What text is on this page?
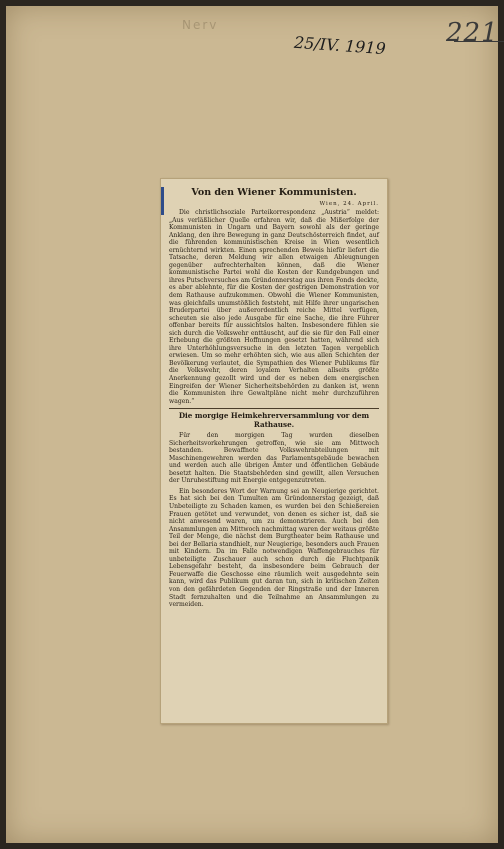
Nerv
25/IV. 1919 221
Von den Wiener Kommunisten.
Wien, 24. April.

Die christlichsoziale Parteikorrespondenz „Austria“ meldet: „Aus verläßlicher Quelle erfahren wir, daß die Mißerfolge der Kommunisten in Ungarn und Bayern sowohl als der geringe Anklang, den ihre Bewegung in ganz Deutschösterreich findet, auf die führenden kommunistischen Kreise in Wien wesentlich ernüchternd wirkten. Einen sprechenden Beweis hiefür liefert die Tatsache, deren Meldung wir allen etwaigen Ableugnungen gegenüber aufrechterhalten können, daß die Wiener kommunistische Partei wohl die Kosten der Kundgebungen und ihres Putschversuches am Gründonnerstag aus ihren Fonds deckte, es aber ablehnte, für die Kosten der gestrigen Demonstration vor dem Rathause aufzukommen. Obwohl die Wiener Kommunisten, was gleichfalls unumstößlich feststeht, mit Hilfe ihrer ungarischen Bruderpartei über außerordentlich reiche Mittel verfügen, scheuten sie also jede Ausgabe für eine Sache, die ihre Führer offenbar bereits für aussichtslos halten. Insbesondere fühlen sie sich durch die Volkswehr enttäuscht, auf die sie für den Fall einer Erhebung die größten Hoffnungen gesetzt hatten, während sich ihre Unterhöhlungsversuche in den letzten Tagen vergeblich erwiesen. Um so mehr erhöhten sich, wie aus allen Schichten der Bevölkerung verlautet, die Sympathien des Wiener Publikums für die Volkswehr, deren loyalem Verhalten allseits größte Anerkennung gezollt wird und der es neben dem energischen Eingreifen der Wiener Sicherheitsbehörden zu danken ist, wenn die Kommunisten ihre Gewaltpläne nicht mehr durchzuführen wagen.“

Die morgige Heimkehrerversammlung vor dem Rathause.

Für den morgigen Tag wurden dieselben Sicherheitsvorkehrungen getroffen, wie sie am Mittwoch bestanden. Bewaffnete Volkswehrabteilungen mit Maschinengewehren werden das Parlamentsgebäude bewachen und werden auch alle übrigen Ämter und öffentlichen Gebäude besetzt halten. Die Staatsbehörden sind gewillt, allen Versuchen der Unruhestiftung mit Energie entgegenzutreten.

Ein besonderes Wort der Warnung sei an Neugierige gerichtet. Es hat sich bei den Tumulten am Gründonnerstag gezeigt, daß Unbeteiligte zu Schaden kamen, es wurden bei den Schießereien Frauen getötet und verwundet, von denen es sicher ist, daß sie nicht anwesend waren, um zu demonstrieren. Auch bei den Ansammlungen am Mittwoch nachmittag waren der weitaus größte Teil der Menge, die nächst dem Burgtheater beim Rathause und bei der Bellaria standhielt, nur Neugierige, besonders auch Frauen mit Kindern. Da im Falle notwendigen Waffengebrauches für unbeteiligte Zuschauer auch schon durch die Fluchtpanik Lebensgefahr besteht, da insbesondere beim Gebrauch der Feuerwaffe die Geschosse eine räumlich weit ausgedehnte sein kann, wird das Publikum gut daran tun, sich in kritischen Zeiten von den gefährdeten Gegenden der Ringstraße und der Inneren Stadt fernzuhalten und die Teilnahme an Ansammlungen zu vermeiden.
